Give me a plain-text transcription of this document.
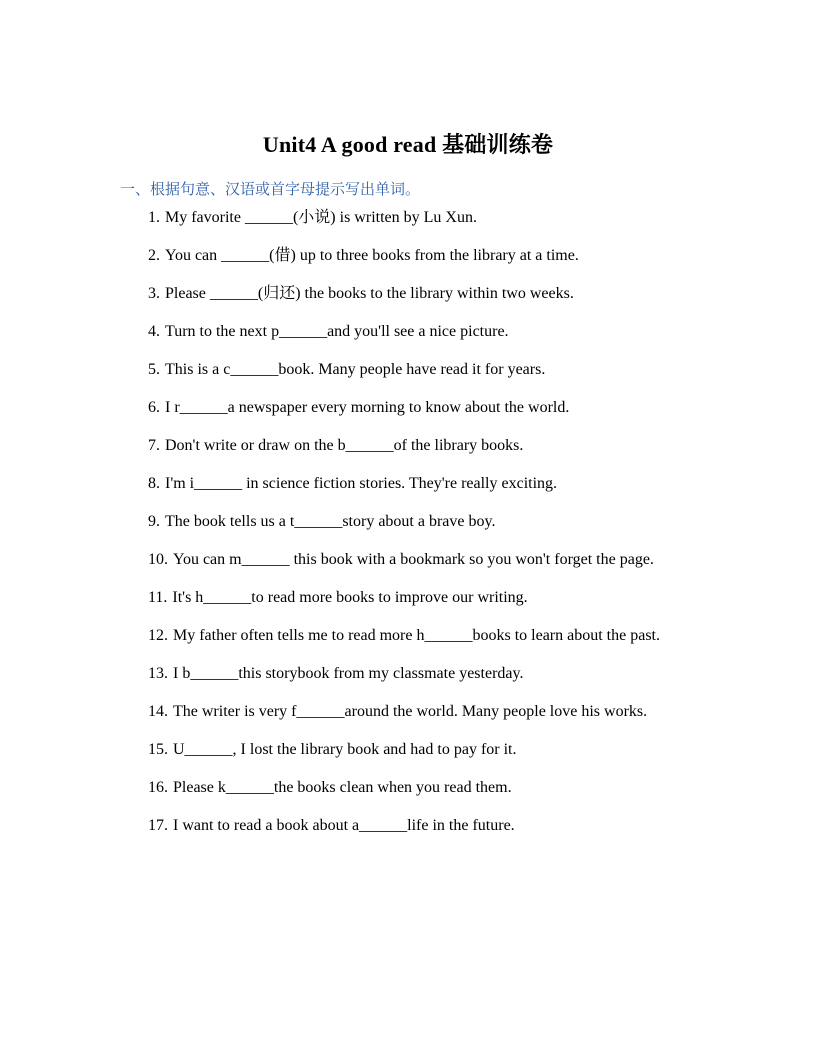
Unit4 A good read 基础训练卷
一、根据句意、汉语或首字母提示写出单词。
1. My favorite ______(小说) is written by Lu Xun.
2. You can ______(借) up to three books from the library at a time.
3. Please ______(归还) the books to the library within two weeks.
4. Turn to the next p______and you'll see a nice picture.
5. This is a c______book. Many people have read it for years.
6. I r______a newspaper every morning to know about the world.
7. Don't write or draw on the b______of the library books.
8. I'm i______ in science fiction stories. They're really exciting.
9. The book tells us a t______story about a brave boy.
10. You can m______ this book with a bookmark so you won't forget the page.
11. It's h______to read more books to improve our writing.
12. My father often tells me to read more h______books to learn about the past.
13. I b______this storybook from my classmate yesterday.
14. The writer is very f______around the world. Many people love his works.
15. U______, I lost the library book and had to pay for it.
16. Please k______the books clean when you read them.
17. I want to read a book about a______life in the future.
